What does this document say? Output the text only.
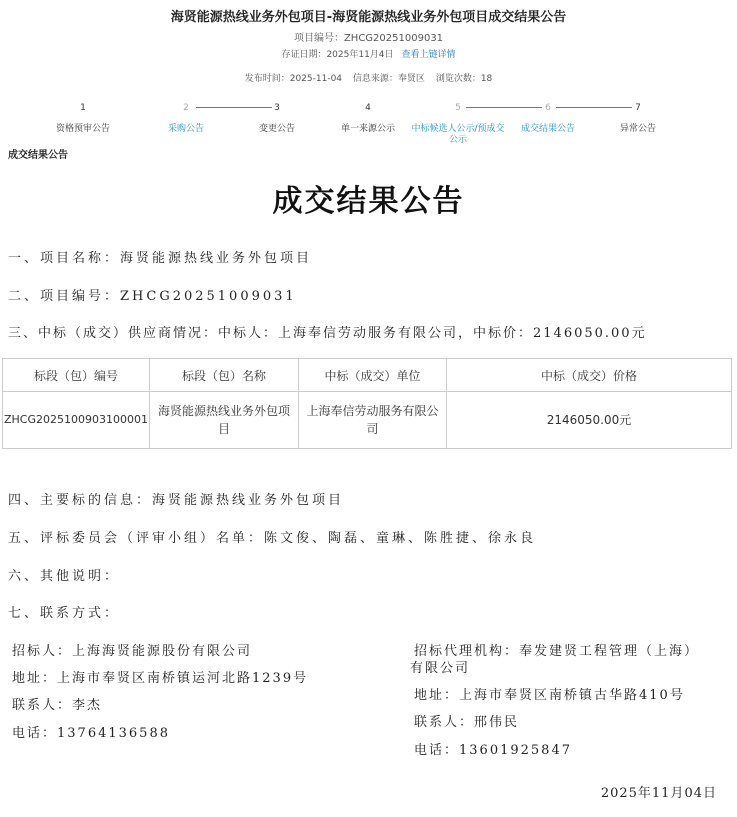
海贤能源热线业务外包项目-海贤能源热线业务外包项目成交结果公告
项目编号：ZHCG20251009031
存证日期：2025年11月4日 查看上链详情
发布时间：2025-11-04 信息来源：奉贤区 浏览次数：18
1
资格预审公告
2
采购公告
3
变更公告
4
单一来源公示
5
中标候选人公示/预成交公示
6
成交结果公告
7
异常公告
成交结果公告
成交结果公告
一、项目名称：海贤能源热线业务外包项目
二、项目编号：ZHCG20251009031
三、中标（成交）供应商情况：中标人：上海奉信劳动服务有限公司，中标价：2146050.00元
标段（包）编号	标段（包）名称	中标（成交）单位	中标（成交）价格
ZHCG202510090310000​1	海贤能源热线业务外包项目	上海奉信劳动服务有限公司	2146050.00元
四、主要标的信息：海贤能源热线业务外包项目
五、评标委员会（评审小组）名单：陈文俊、陶磊、童琳、陈胜捷、徐永良
六、其他说明：
七、联系方式：
招标人：上海海贤能源股份有限公司
地址：上海市奉贤区南桥镇运河北路1239号
联系人：李杰
电话：13764136588
招标代理机构：奉发建贤工程管理（上海）
有限公司
地址：上海市奉贤区南桥镇古华路410号
联系人：邢伟民
电话：13601925847
2025年11月04日
